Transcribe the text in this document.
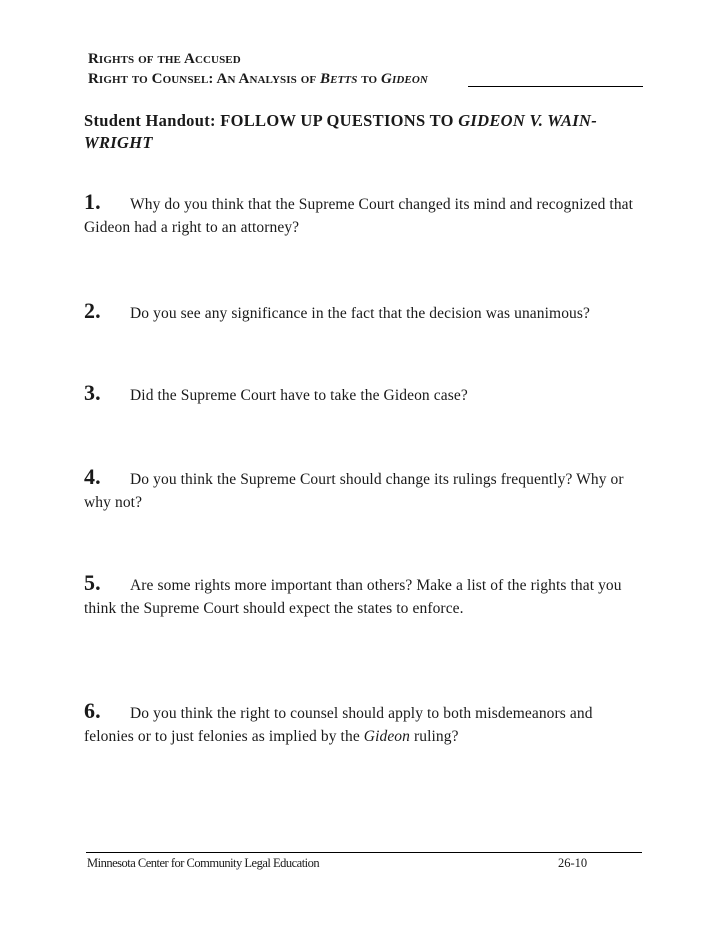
Rights of the Accused
Right to Counsel: An Analysis of Betts to Gideon
Student Handout: FOLLOW UP QUESTIONS TO GIDEON V. WAIN-WRIGHT
1. Why do you think that the Supreme Court changed its mind and recognized that Gideon had a right to an attorney?
2. Do you see any significance in the fact that the decision was unanimous?
3. Did the Supreme Court have to take the Gideon case?
4. Do you think the Supreme Court should change its rulings frequently? Why or why not?
5. Are some rights more important than others? Make a list of the rights that you think the Supreme Court should expect the states to enforce.
6. Do you think the right to counsel should apply to both misdemeanors and felonies or to just felonies as implied by the Gideon ruling?
Minnesota Center for Community Legal Education	26-10
